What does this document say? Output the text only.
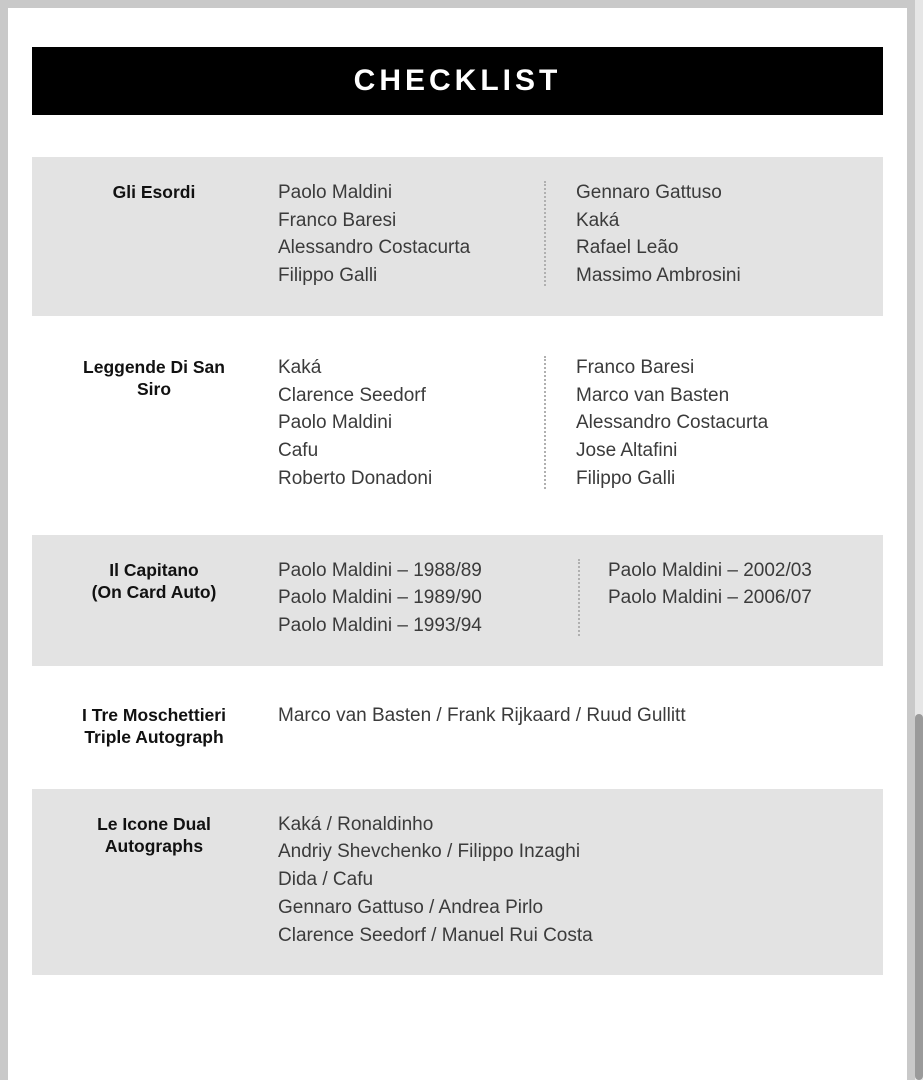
CHECKLIST
Gli Esordi	Paolo Maldini
Franco Baresi
Alessandro Costacurta
Filippo Galli
Gennaro Gattuso
Kaká
Rafael Leão
Massimo Ambrosini
Leggende Di San
Siro
Kaká
Clarence Seedorf
Paolo Maldini
Cafu
Roberto Donadoni
Franco Baresi
Marco van Basten
Alessandro Costacurta
Jose Altafini
Filippo Galli
Il Capitano
(On Card Auto)
Paolo Maldini – 1988/89
Paolo Maldini – 1989/90
Paolo Maldini – 1993/94
Paolo Maldini – 2002/03
Paolo Maldini – 2006/07
I Tre Moschettieri
Triple Autograph
Marco van Basten / Frank Rijkaard / Ruud Gullitt
Le Icone Dual
Autographs
Kaká / Ronaldinho
Andriy Shevchenko / Filippo Inzaghi
Dida / Cafu
Gennaro Gattuso / Andrea Pirlo
Clarence Seedorf / Manuel Rui Costa
